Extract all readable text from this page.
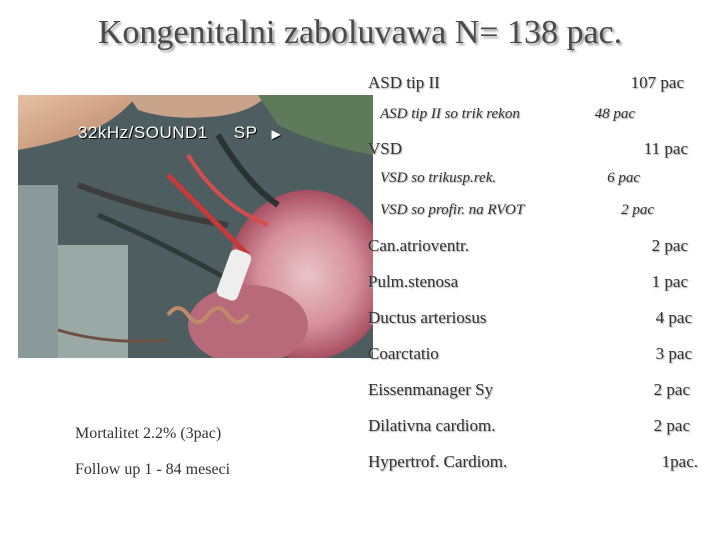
Kongenitalni zaboluvawa N= 138 pac.
32kHz/SOUND1 SP ▶
ASD tip II	107 pac
ASD tip II so trik rekon	48 pac
VSD	11 pac
VSD so trikusp.rek.	6 pac
VSD so profir. na RVOT	2 pac
Can.atrioventr.	2 pac
Pulm.stenosa	1 pac
Ductus arteriosus	4 pac
Coarctatio	3 pac
Eissenmanager Sy	2 pac
Dilativna cardiom.	2 pac
Hypertrof. Cardiom.	1pac.
Mortalitet 2.2% (3pac)
Follow up 1 - 84 meseci
